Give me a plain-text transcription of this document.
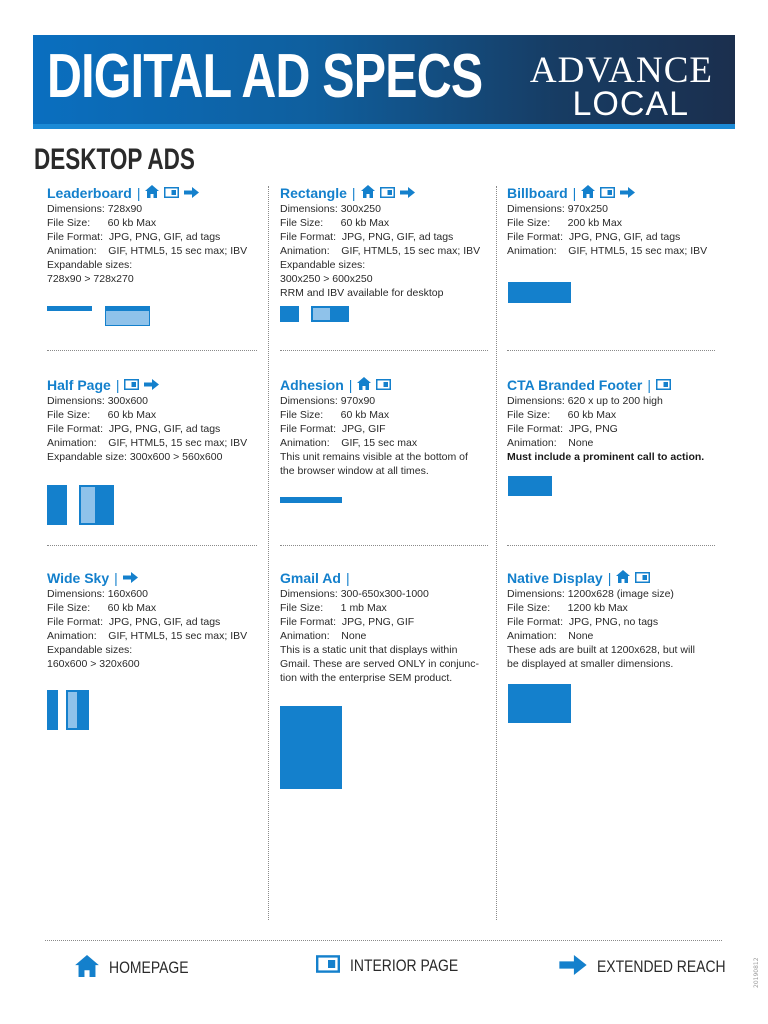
DIGITAL AD SPECS ADVANCE
LOCAL
DESKTOP ADS
Leaderboard |
Dimensions: 728x90
File Size:      60 kb Max
File Format:  JPG, PNG, GIF, ad tags
Animation:    GIF, HTML5, 15 sec max; IBV
Expandable sizes:
728x90 > 728x270
Rectangle |
Dimensions: 300x250
File Size:      60 kb Max
File Format:  JPG, PNG, GIF, ad tags
Animation:    GIF, HTML5, 15 sec max; IBV
Expandable sizes:
300x250 > 600x250
RRM and IBV available for desktop
Billboard |
Dimensions: 970x250
File Size:      200 kb Max
File Format:  JPG, PNG, GIF, ad tags
Animation:    GIF, HTML5, 15 sec max; IBV
Half Page |
Dimensions: 300x600
File Size:      60 kb Max
File Format:  JPG, PNG, GIF, ad tags
Animation:    GIF, HTML5, 15 sec max; IBV
Expandable size: 300x600 > 560x600
Adhesion |
Dimensions: 970x90
File Size:      60 kb Max
File Format:  JPG, GIF
Animation:    GIF, 15 sec max
This unit remains visible at the bottom of
the browser window at all times.
CTA Branded Footer |
Dimensions: 620 x up to 200 high
File Size:      60 kb Max
File Format:  JPG, PNG
Animation:    None
Must include a prominent call to action.
Wide Sky |
Dimensions: 160x600
File Size:      60 kb Max
File Format:  JPG, PNG, GIF, ad tags
Animation:    GIF, HTML5, 15 sec max; IBV
Expandable sizes:
160x600 > 320x600
Gmail Ad |
Dimensions: 300-650x300-1000
File Size:      1 mb Max
File Format:  JPG, PNG, GIF
Animation:    None
This is a static unit that displays within
Gmail. These are served ONLY in conjunc-
tion with the enterprise SEM product.
Native Display |
Dimensions: 1200x628 (image size)
File Size:      1200 kb Max
File Format:  JPG, PNG, no tags
Animation:    None
These ads are built at 1200x628, but will
be displayed at smaller dimensions.
HOMEPAGE	INTERIOR PAGE	EXTENDED REACH	20190812
